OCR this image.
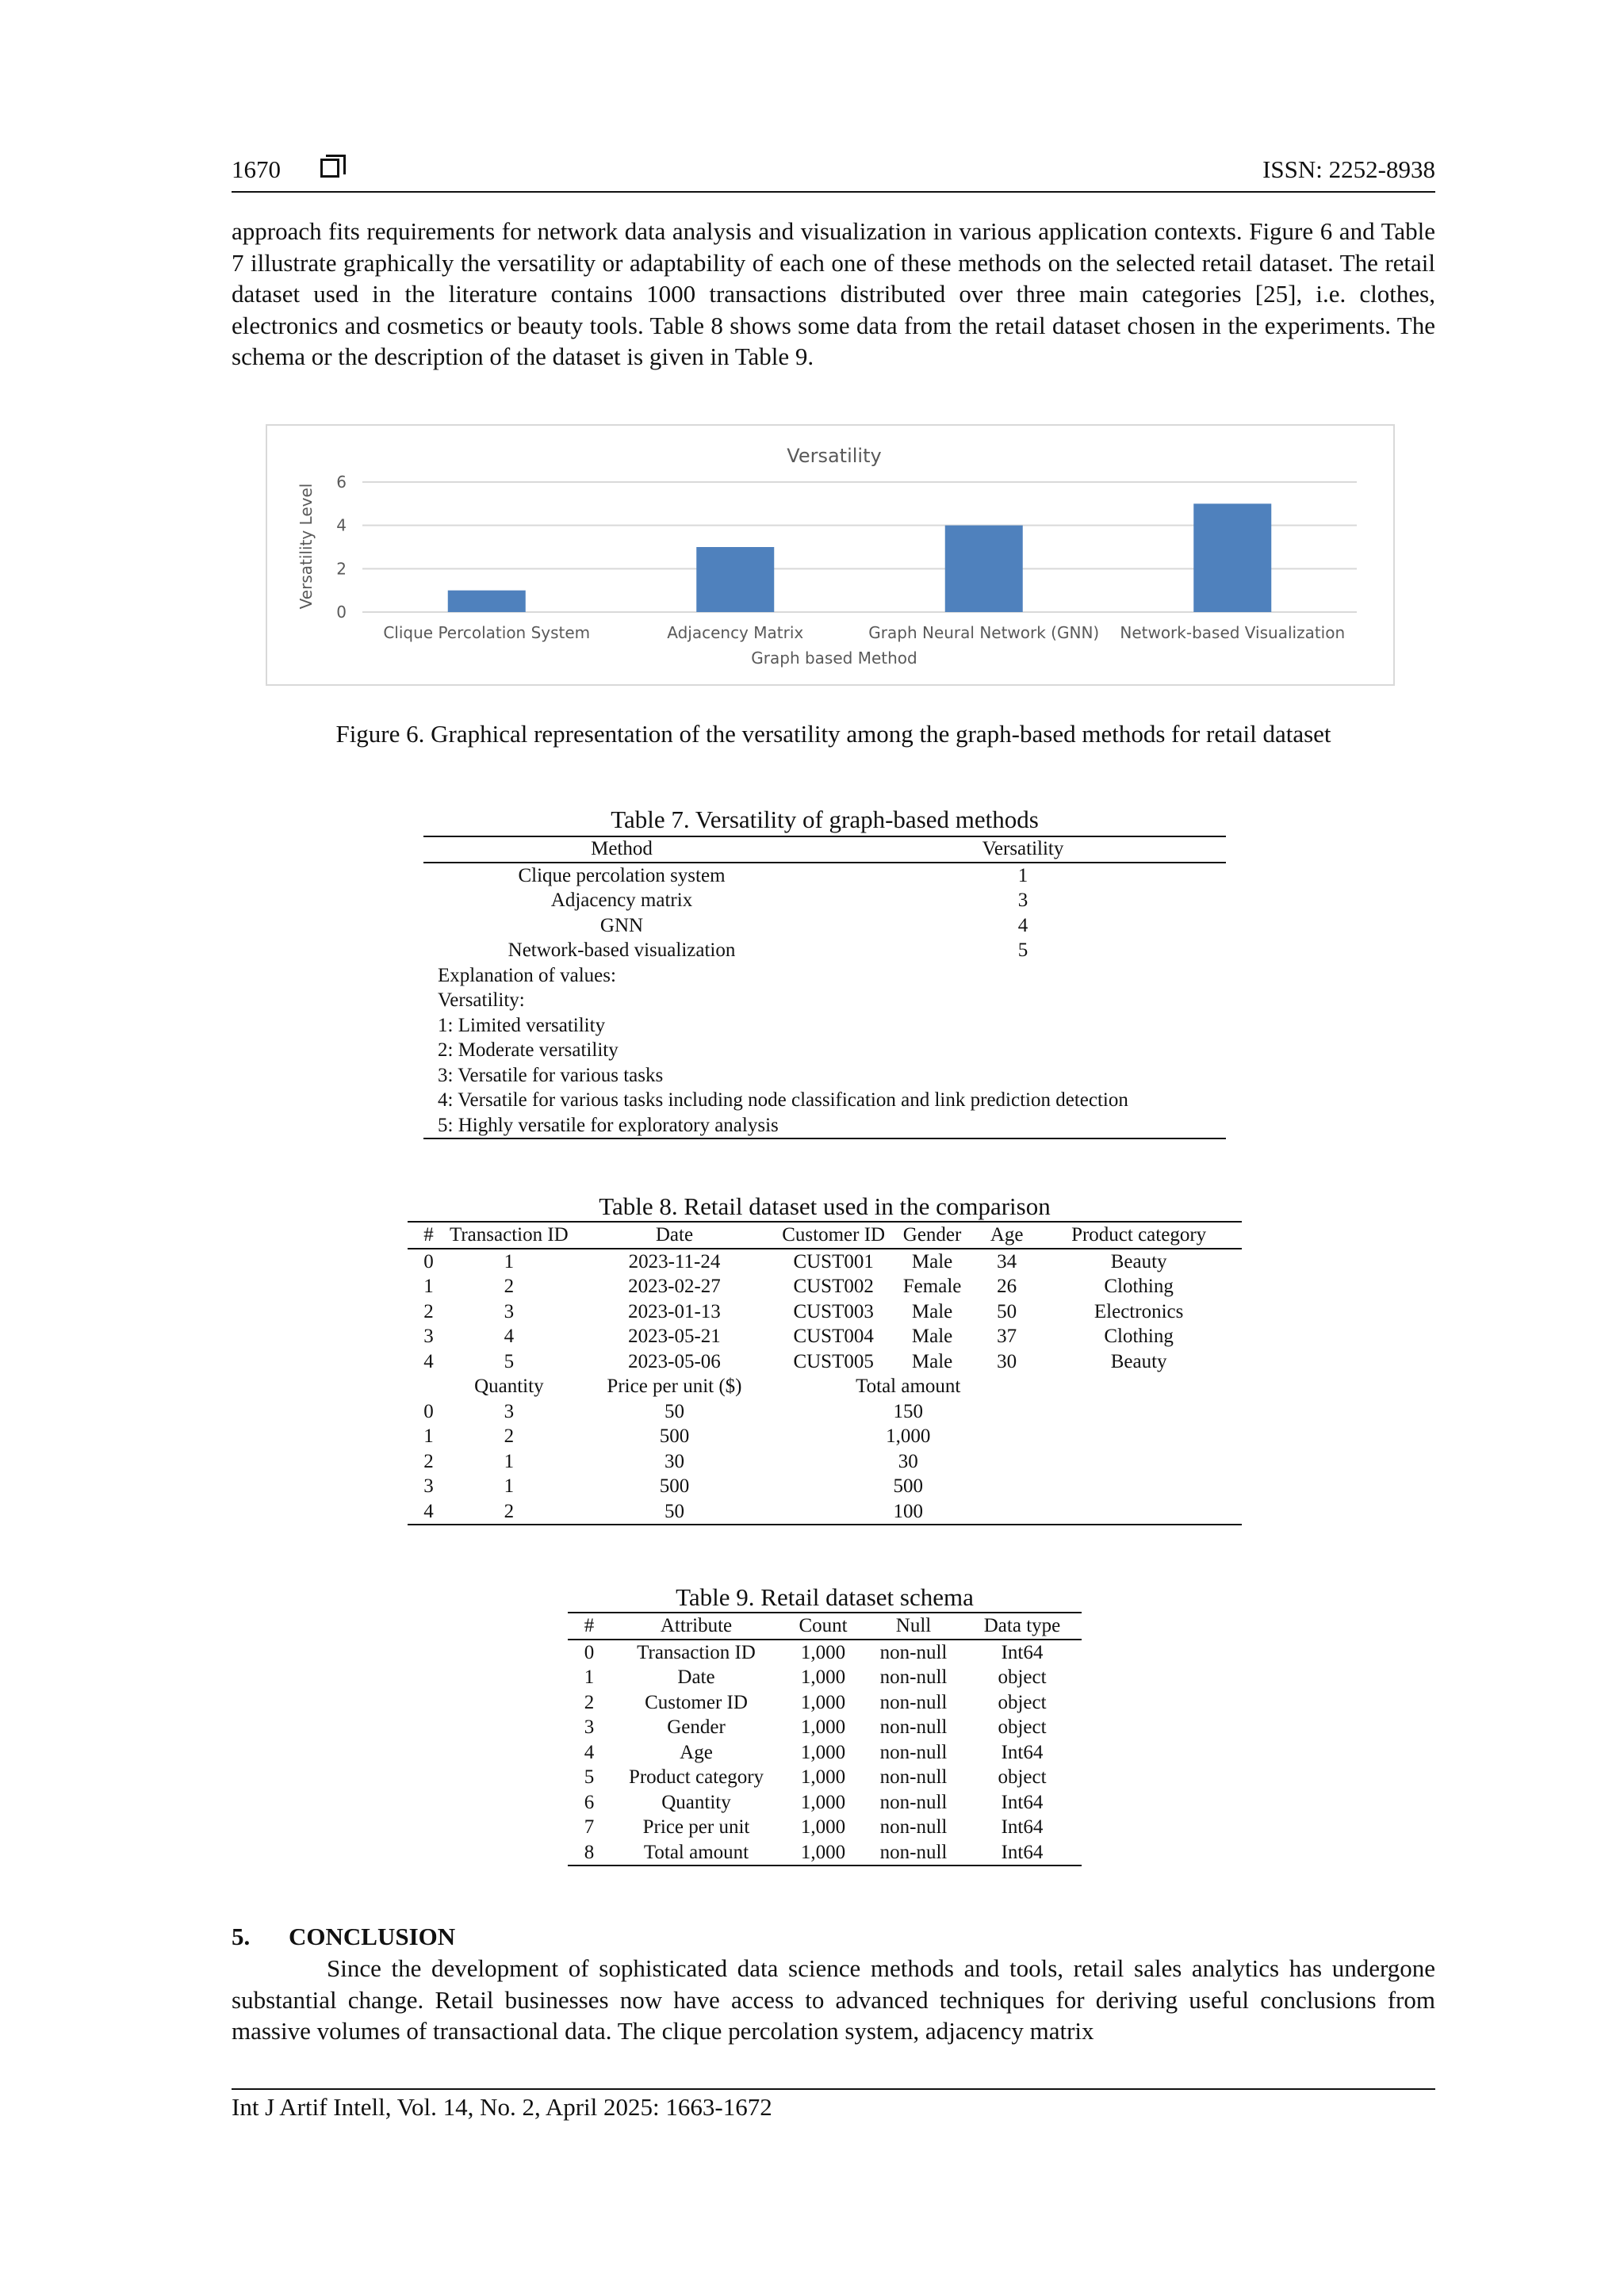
1670	ISSN: 2252-8938
approach fits requirements for network data analysis and visualization in various application contexts. Figure 6 and Table 7 illustrate graphically the versatility or adaptability of each one of these methods on the selected retail dataset. The retail dataset used in the literature contains 1000 transactions distributed over three main categories [25], i.e. clothes, electronics and cosmetics or beauty tools. Table 8 shows some data from the retail dataset chosen in the experiments. The schema or the description of the dataset is given in Table 9.
0
2
4
6
Clique Percolation System	Adjacency Matrix	Graph Neural Network (GNN) Network-based Visualization
Versatility
Graph based Method
Versatility Level
Figure 6. Graphical representation of the versatility among the graph-based methods for retail dataset
Table 7. Versatility of graph-based methods
Method	Versatility
Clique percolation system	1
Adjacency matrix	3
GNN	4
Network-based visualization	5
Explanation of values:	
Versatility:	
1: Limited versatility	
2: Moderate versatility	
3: Versatile for various tasks	
4: Versatile for various tasks including node classification and link prediction detection	
5: Highly versatile for exploratory analysis	
Table 8. Retail dataset used in the comparison
#	Transaction ID	Date	Customer ID	Gender	Age	Product category
0	1	2023-11-24	CUST001	Male	34	Beauty
1	2	2023-02-27	CUST002	Female	26	Clothing
2	3	2023-01-13	CUST003	Male	50	Electronics
3	4	2023-05-21	CUST004	Male	37	Clothing
4	5	2023-05-06	CUST005	Male	30	Beauty
	Quantity	Price per unit ($)	Total amount			
0	3	50	150			
1	2	500	1,000			
2	1	30	30			
3	1	500	500			
4	2	50	100			
Table 9. Retail dataset schema
#	Attribute	Count	Null	Data type
0	Transaction ID	1,000	non-null	Int64
1	Date	1,000	non-null	object
2	Customer ID	1,000	non-null	object
3	Gender	1,000	non-null	object
4	Age	1,000	non-null	Int64
5	Product category	1,000	non-null	object
6	Quantity	1,000	non-null	Int64
7	Price per unit	1,000	non-null	Int64
8	Total amount	1,000	non-null	Int64
5. CONCLUSION
Since the development of sophisticated data science methods and tools, retail sales analytics has undergone substantial change. Retail businesses now have access to advanced techniques for deriving useful conclusions from massive volumes of transactional data. The clique percolation system, adjacency matrix
Int J Artif Intell, Vol. 14, No. 2, April 2025: 1663-1672
